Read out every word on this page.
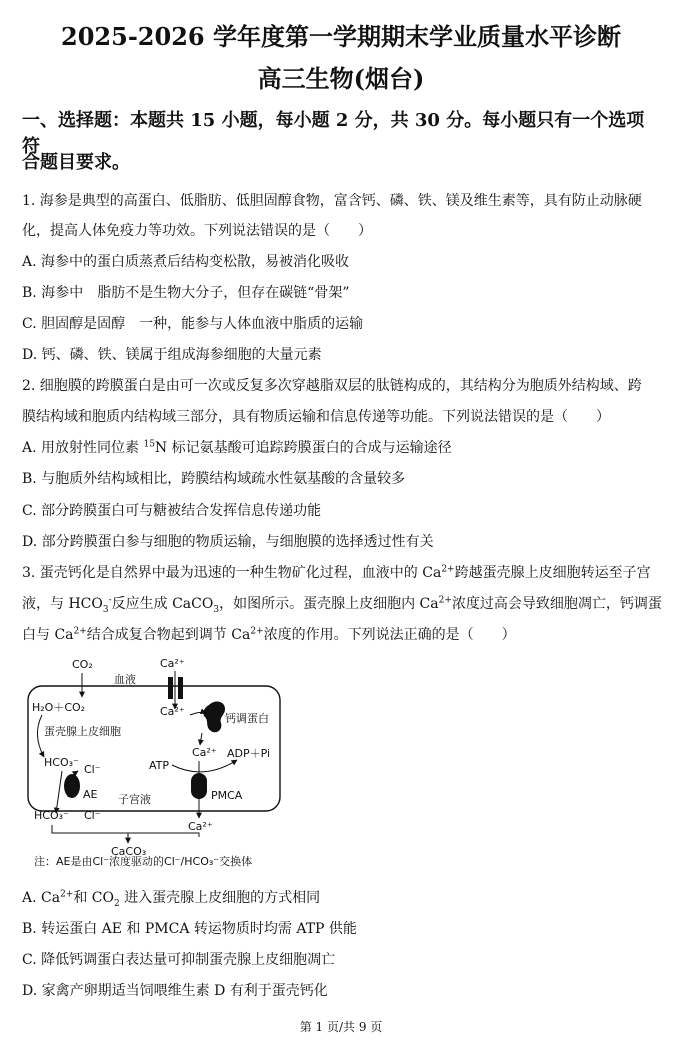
2025-2026 学年度第一学期期末学业质量水平诊断
高三生物(烟台)
一、选择题：本题共 15 小题，每小题 2 分，共 30 分。每小题只有一个选项符
合题目要求。
1. 海参是典型的高蛋白、低脂肪、低胆固醇食物，富含钙、磷、铁、镁及维生素等，具有防止动脉硬
化，提高人体免疫力等功效。下列说法错误的是（　　）
A. 海参中的蛋白质蒸煮后结构变松散，易被消化吸收
B. 海参中　脂肪不是生物大分子，但存在碳链“骨架”
C. 胆固醇是固醇　一种，能参与人体血液中脂质的运输
D. 钙、磷、铁、镁属于组成海参细胞的大量元素
2. 细胞膜的跨膜蛋白是由可一次或反复多次穿越脂双层的肽链构成的，其结构分为胞质外结构域、跨
膜结构域和胞质内结构域三部分，具有物质运输和信息传递等功能。下列说法错误的是（　　）
A. 用放射性同位素 $^{15}$N 标记氨基酸可追踪跨膜蛋白的合成与运输途径
B. 与胞质外结构域相比，跨膜结构域疏水性氨基酸的含量较多
C. 部分跨膜蛋白可与糖被结合发挥信息传递功能
D. 部分跨膜蛋白参与细胞的物质运输，与细胞膜的选择透过性有关
3. 蛋壳钙化是自然界中最为迅速的一种生物矿化过程，血液中的 $Ca^{2+}$跨越蛋壳腺上皮细胞转运至子宫
液，与 $HCO_3^-$反应生成 CaCO$_3$，如图所示。蛋壳腺上皮细胞内 $Ca^{2+}$浓度过高会导致细胞凋亡，钙调蛋
白与 $Ca^{2+}$结合成复合物起到调节 $Ca^{2+}$浓度的作用。下列说法正确的是（　　）
CO₂	Ca²⁺
血液
Ca²⁺
H₂O＋CO₂
钙调蛋白
蛋壳腺上皮细胞
Ca²⁺ ADP＋Pi
HCO₃⁻
Cl⁻	ATP
AE	PMCA
子宫液
HCO₃⁻ Cl⁻
Ca²⁺
CaCO₃
注：AE是由Cl⁻浓度驱动的Cl⁻/HCO₃⁻交换体
A. $Ca^{2+}$和 $CO_2$ 进入蛋壳腺上皮细胞的方式相同
B. 转运蛋白 AE 和 PMCA 转运物质时均需 ATP 供能
C. 降低钙调蛋白表达量可抑制蛋壳腺上皮细胞凋亡
D. 家禽产卵期适当饲喂维生素 D 有利于蛋壳钙化
第 1 页/共 9 页
